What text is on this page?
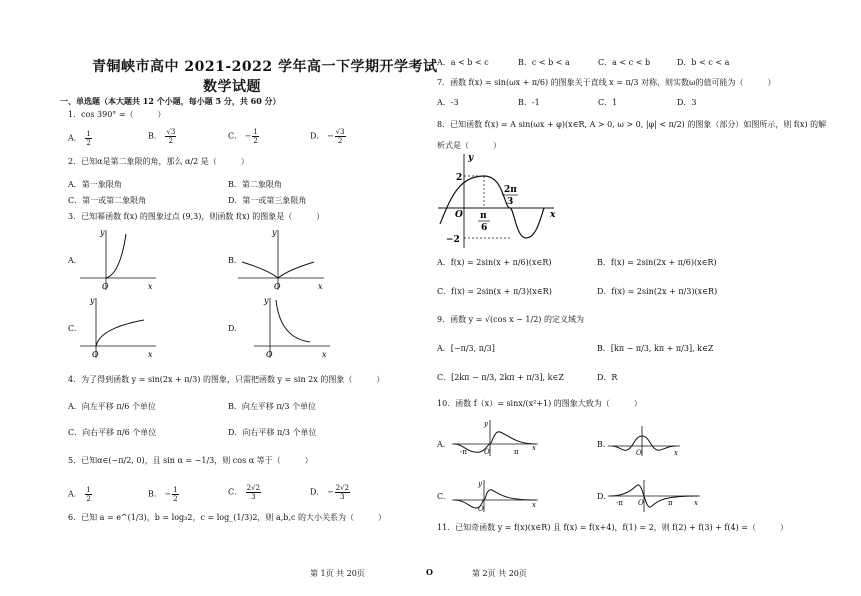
青铜峡市高中 2021-2022 学年高一下学期开学考试
数学试题
一、单选题（本大题共 12 个小题，每小题 5 分，共 60 分）
1．cos 390° =（　　　）
A． $\frac{1}{2}$	B． $\frac{√3}{2}$	C． − $\frac{1}{2}$	D． − $\frac{√3}{2}$
2．已知α是第二象限的角，那么 α/2 是（　　　）
A．第一象限角	B．第二象限角
C．第一或第二象限角	D．第一或第三象限角
3．已知幂函数 f(x) 的图象过点 (9,3)，则函数 f(x) 的图象是（　　　）
A.	B.
C.	D.
y
O	x
y
O	x
y
O	x
y
O	x
4．为了得到函数 y = sin(2x + π/3) 的图象，只需把函数 y = sin 2x 的图象（　　　）
A．向左平移 π/6 个单位	B．向左平移 π/3 个单位
C．向右平移 π/6 个单位	D．向右平移 π/3 个单位
5．已知α∈(−π/2, 0)，且 sin α = −1/3，则 cos α 等于（　　　）
A． $\frac{1}{2}$	B． − $\frac{1}{2}$	C． $\frac{2√2}{3}$	D． − $\frac{2√2}{3}$
6．已知 a = e^(1/3)，b = log₃2，c = log_(1/3)2，则 a,b,c 的大小关系为（　　　）
A．a < b < c	B．c < b < a	C．a < c < b	D．b < c < a
7．函数 f(x) = sin(ωx + π/6) 的图象关于直线 x = π/3 对称，则实数ω的值可能为（　　　）
A．-3	B．-1	C．1	D．3
8．已知函数 f(x) = A sin(ωx + φ)(x∈R, A > 0, ω > 0, |φ| < π/2) 的图象（部分）如图所示，则 f(x) 的解
析式是（　　　）
y
2
O π
6
2π
3
x
−2
A．f(x) = 2sin(x + π/6)(x∈R)	B．f(x) = 2sin(2x + π/6)(x∈R)
C．f(x) = 2sin(x + π/3)(x∈R)	D．f(x) = 2sin(2x + π/3)(x∈R)
9．函数 y = √(cos x − 1/2) 的定义域为
A．[−π/3, π/3]	B．[kπ − π/3, kπ + π/3], k∈Z
C．[2kπ − π/3, 2kπ + π/3], k∈Z	D．R
10．函数 f（x）= sinx/(x²+1) 的图象大致为（　　　）
A.	B.
C.	D.
y
-π O	π x
O	x
y
O	x	-π O	π	x
11．已知奇函数 y = f(x)(x∈R) 且 f(x) = f(x+4)，f(1) = 2，则 f(2) + f(3) + f(4) =（　　　）
第 1页 共 20页	O	第 2页 共 20页
